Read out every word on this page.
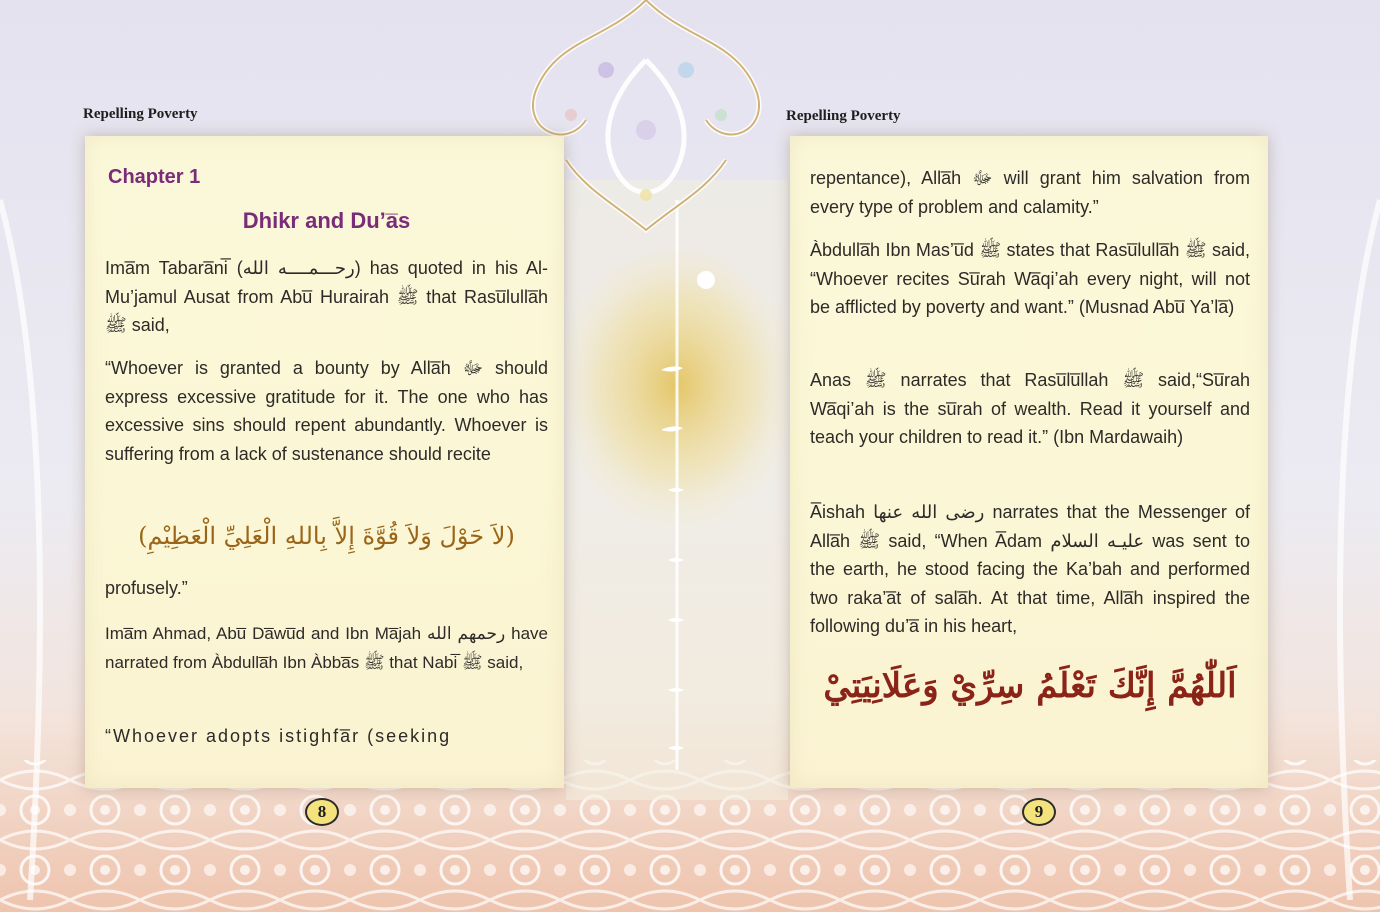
Repelling Poverty	Repelling Poverty
Chapter 1
Dhikr and Du’a̅s

Ima̅m Tabara̅ni̅ (رحـــمــــه الله) has quoted in his Al-Mu’jamul Ausat from Abu̅ Hurairah ﷺ that Rasu̅lulla̅h ﷺ said,

“Whoever is granted a bounty by Alla̅h ﷻ should express excessive gratitude for it. The one who has excessive sins should repent abundantly. Whoever is suffering from a lack of sustenance should recite

(لاَ حَوْلَ وَلاَ قُوَّةَ إِلاَّ بِاللهِ الْعَلِيِّ الْعَظِيْمِ)

profusely.”

Ima̅m Ahmad, Abu̅ Da̅wu̅d and Ibn Ma̅jah رحمهم الله have narrated from Àbdulla̅h Ibn Àbba̅s ﷺ that Nabi̅ ﷺ said,

“Whoever adopts istighfa̅r (seeking

8

repentance), Alla̅h ﷻ will grant him salvation from every type of problem and calamity.”

Àbdulla̅h Ibn Mas’u̅d ﷺ states that Rasu̅lulla̅h ﷺ said, “Whoever recites Su̅rah Wa̅qi’ah every night, will not be afflicted by poverty and want.” (Musnad Abu̅ Ya’la̅)

Anas ﷺ narrates that Rasu̅lu̅llah ﷺ said,“Su̅rah Wa̅qi’ah is the su̅rah of wealth. Read it yourself and teach your children to read it.” (Ibn Mardawaih)

A̅ishah رضى الله عنها narrates that the Messenger of Alla̅h ﷺ said, “When A̅dam عليـه السلام was sent to the earth, he stood facing the Ka’bah and performed two raka’a̅t of sala̅h. At that time, Alla̅h inspired the following du’a̅ in his heart,

اَللّٰهُمَّ إِنَّكَ تَعْلَمُ سِرِّيْ وَعَلَانِيَتِيْ
9
